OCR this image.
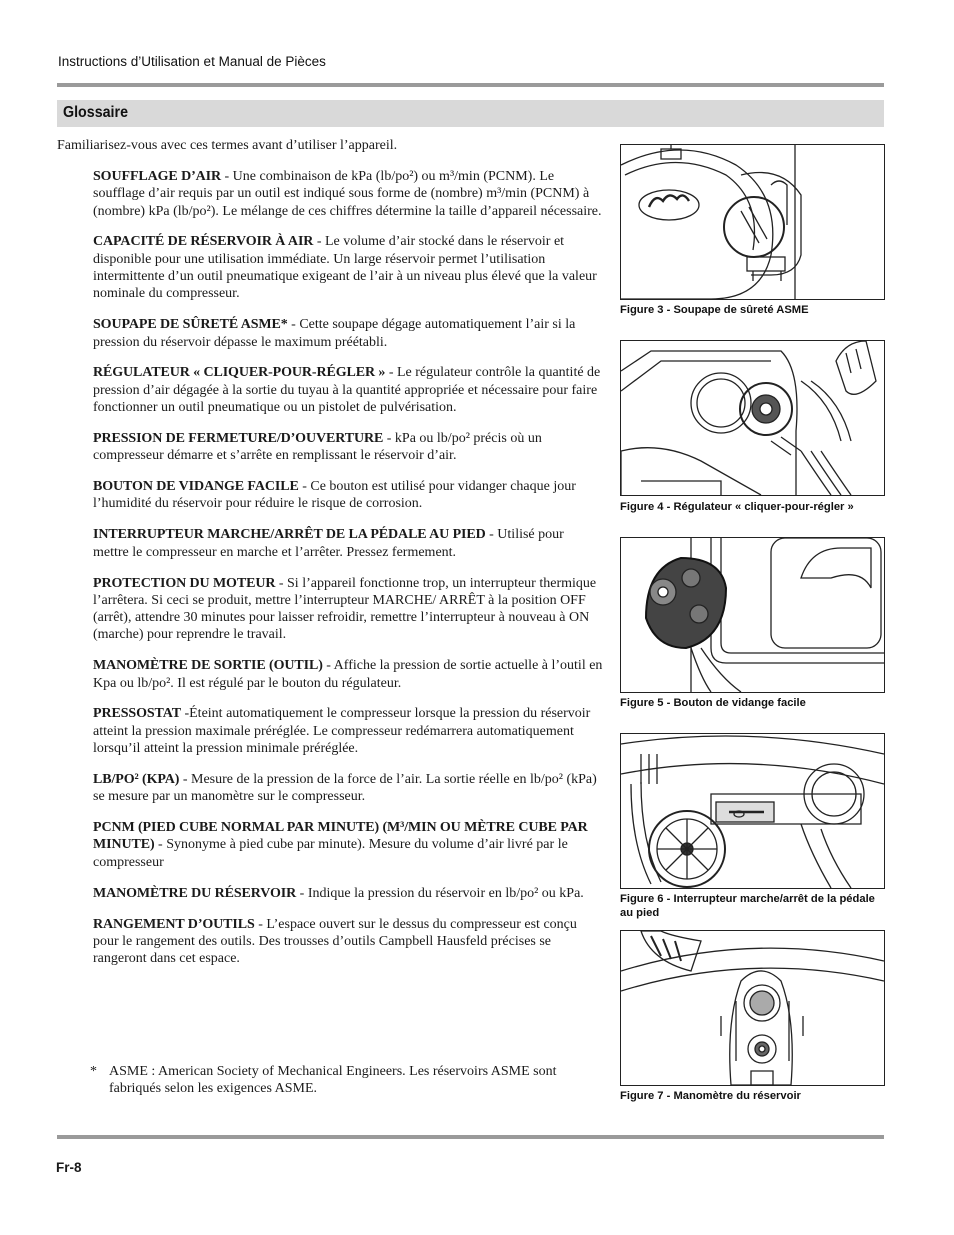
Instructions d’Utilisation et Manual de Pièces
Glossaire

Familiarisez-vous avec ces termes avant d’utiliser l’appareil.

SOUFFLAGE D’AIR - Une combinaison de kPa (lb/po²) ou m³/min (PCNM). Le soufflage d’air requis par un outil est indiqué sous forme de (nombre) m³/min (PCNM) à (nombre) kPa (lb/po²). Le mélange de ces chiffres détermine la taille d’appareil nécessaire.

CAPACITÉ DE RÉSERVOIR À AIR - Le volume d’air stocké dans le réservoir et disponible pour une utilisation immédiate. Un large réservoir permet l’utilisation intermittente d’un outil pneumatique exigeant de l’air à un niveau plus élevé que la valeur nominale du compresseur.

SOUPAPE DE SÛRETÉ ASME* - Cette soupape dégage automatiquement l’air si la pression du réservoir dépasse le maximum préétabli.

RÉGULATEUR « CLIQUER-POUR-RÉGLER » - Le régulateur contrôle la quantité de pression d’air dégagée à la sortie du tuyau à la quantité appropriée et nécessaire pour faire fonctionner un outil pneumatique ou un pistolet de pulvérisation.

PRESSION DE FERMETURE/D’OUVERTURE - kPa ou lb/po² précis où un compresseur démarre et s’arrête en remplissant le réservoir d’air.

BOUTON DE VIDANGE FACILE - Ce bouton est utilisé pour vidanger chaque jour l’humidité du réservoir pour réduire le risque de corrosion.

INTERRUPTEUR MARCHE/ARRÊT DE LA PÉDALE AU PIED - Utilisé pour mettre le compresseur en marche et l’arrêter. Pressez fermement.

PROTECTION DU MOTEUR - Si l’appareil fonctionne trop, un interrupteur thermique l’arrêtera. Si ceci se produit, mettre l’interrupteur MARCHE/ ARRÊT à la position OFF (arrêt), attendre 30 minutes pour laisser refroidir, remettre l’interrupteur à nouveau à ON (marche) pour reprendre le travail.

MANOMÈTRE DE SORTIE (OUTIL) - Affiche la pression de sortie actuelle à l’outil en Kpa ou lb/po². Il est régulé par le bouton du régulateur.

PRESSOSTAT -Éteint automatiquement le compresseur lorsque la pression du réservoir atteint la pression maximale préréglée. Le compresseur redémarrera automatiquement lorsqu’il atteint la pression minimale préréglée.

LB/PO² (KPA) - Mesure de la pression de la force de l’air. La sortie réelle en lb/po² (kPa) se mesure par un manomètre sur le compresseur.

PCNM (PIED CUBE NORMAL PAR MINUTE) (M³/MIN OU MÈTRE CUBE PAR MINUTE) - Synonyme à pied cube par minute). Mesure du volume d’air livré par le compresseur

MANOMÈTRE DU RÉSERVOIR - Indique la pression du réservoir en lb/po² ou kPa.

RANGEMENT D’OUTILS - L’espace ouvert sur le dessus du compresseur est conçu pour le rangement des outils. Des trousses d’outils Campbell Hausfeld précises se rangeront dans cet espace.

* ASME : American Society of Mechanical Engineers. Les réservoirs ASME sont fabriqués selon les exigences ASME.
Figure 3 - Soupape de sûreté ASME
Figure 4 - Régulateur « cliquer-pour-régler »
Figure 5 - Bouton de vidange facile
Figure 6 - Interrupteur marche/arrêt de la pédale au pied
Figure 7 - Manomètre du réservoir
Fr-8
